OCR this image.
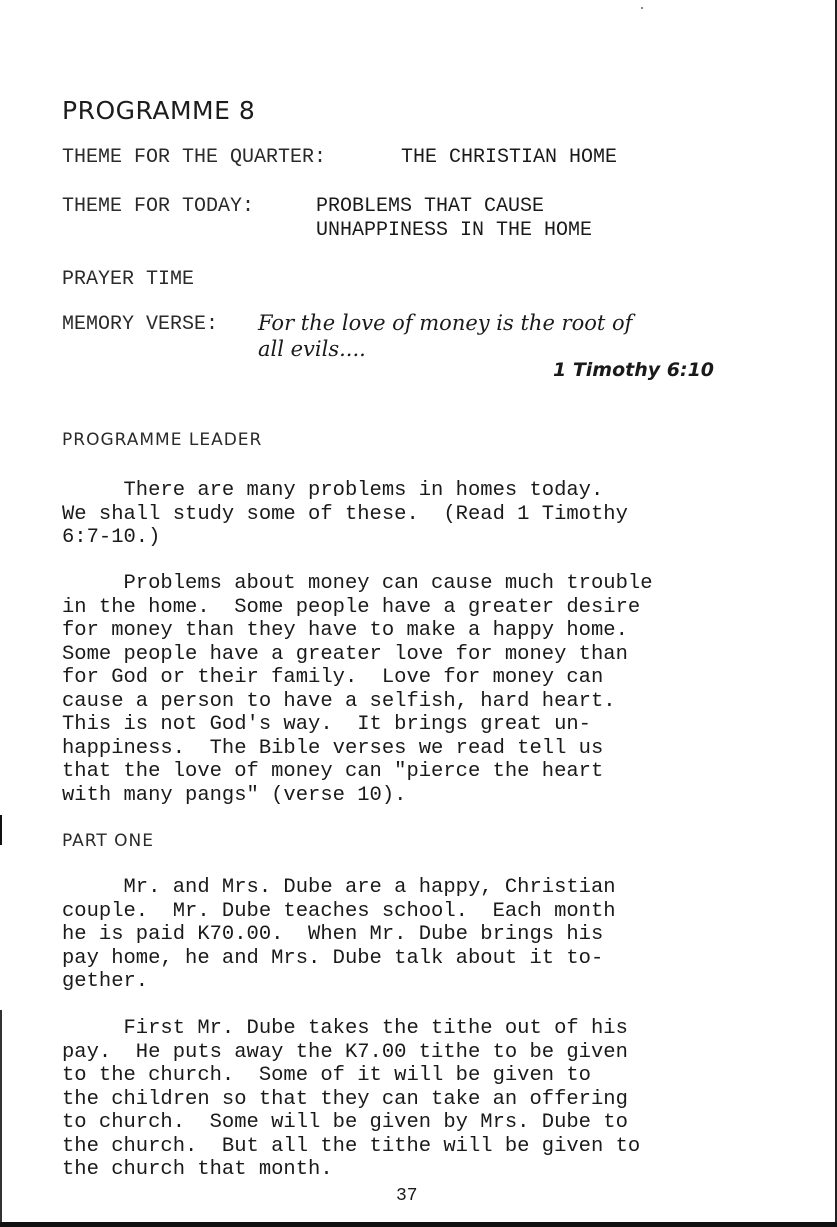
PROGRAMME 8
THEME FOR THE QUARTER:	THE CHRISTIAN HOME
THEME FOR TODAY:	PROBLEMS THAT CAUSE
UNHAPPINESS IN THE HOME
PRAYER TIME
MEMORY VERSE: For the love of money is the root of
all evils....
1 Timothy 6:10
PROGRAMME LEADER
There are many problems in homes today.
We shall study some of these.  (Read 1 Timothy
6:7-10.)
Problems about money can cause much trouble
in the home.  Some people have a greater desire
for money than they have to make a happy home.
Some people have a greater love for money than
for God or their family.  Love for money can
cause a person to have a selfish, hard heart.
This is not God's way.  It brings great un-
happiness.  The Bible verses we read tell us
that the love of money can "pierce the heart
with many pangs" (verse 10).
PART ONE
Mr. and Mrs. Dube are a happy, Christian
couple.  Mr. Dube teaches school.  Each month
he is paid K70.00.  When Mr. Dube brings his
pay home, he and Mrs. Dube talk about it to-
gether.
First Mr. Dube takes the tithe out of his
pay.  He puts away the K7.00 tithe to be given
to the church.  Some of it will be given to
the children so that they can take an offering
to church.  Some will be given by Mrs. Dube to
the church.  But all the tithe will be given to
the church that month.
37
